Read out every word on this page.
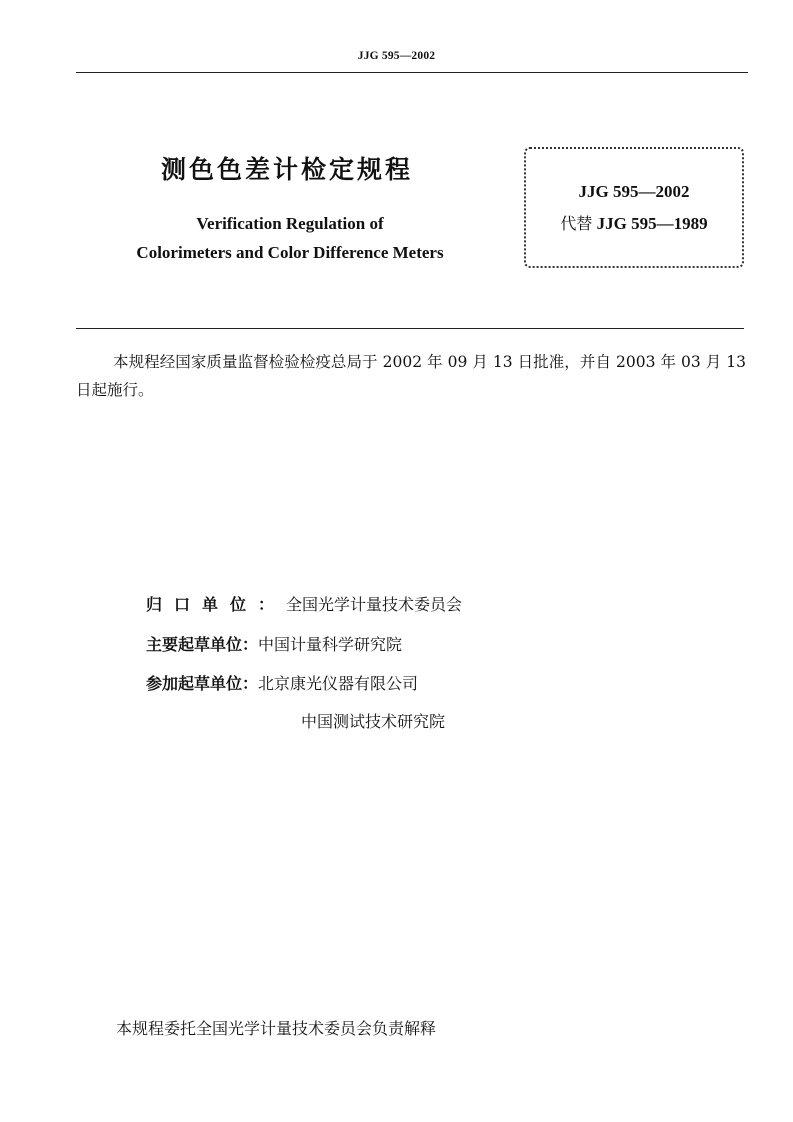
JJG 595—2002
测色色差计检定规程
Verification Regulation of
Colorimeters and Color Difference Meters
JJG 595—2002
代替 JJG 595—1989
本规程经国家质量监督检验检疫总局于 2002 年 09 月 13 日批准，并自 2003 年 03 月 13 日起施行。
归口单位：全国光学计量技术委员会
主要起草单位：中国计量科学研究院
参加起草单位：北京康光仪器有限公司
中国测试技术研究院
本规程委托全国光学计量技术委员会负责解释
